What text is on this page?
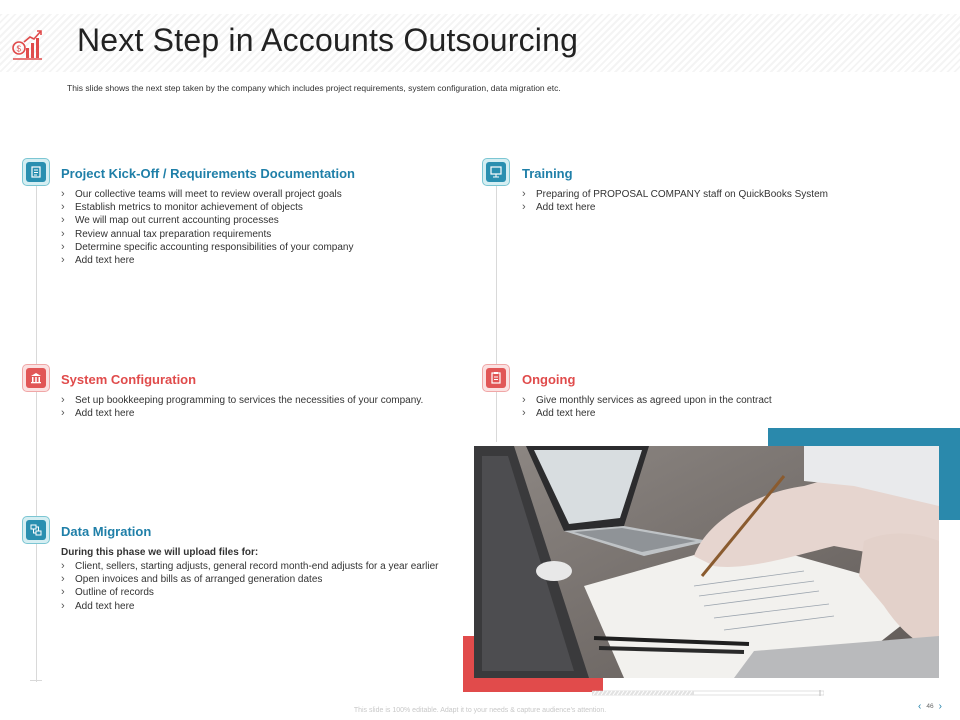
$ Next Step in Accounts Outsourcing
This slide shows the next step taken by the company which includes project requirements, system configuration, data migration etc.
Project Kick-Off / Requirements Documentation
› Our collective teams will meet to review overall project goals
› Establish metrics to monitor achievement of objects
› We will map out current accounting processes
› Review annual tax preparation requirements
› Determine specific accounting responsibilities of your company
› Add text here
Training
› Preparing of PROPOSAL COMPANY staff on QuickBooks System
› Add text here
System Configuration
› Set up bookkeeping programming to services the necessities of your company.
› Add text here
Ongoing
› Give monthly services as agreed upon in the contract
› Add text here
Data Migration
During this phase we will upload files for:
› Client, sellers, starting adjusts, general record month-end adjusts for a year earlier
› Open invoices and bills as of arranged generation dates
› Outline of records
› Add text here
This slide is 100% editable. Adapt it to your needs & capture audience's attention.	‹ 46 ›
